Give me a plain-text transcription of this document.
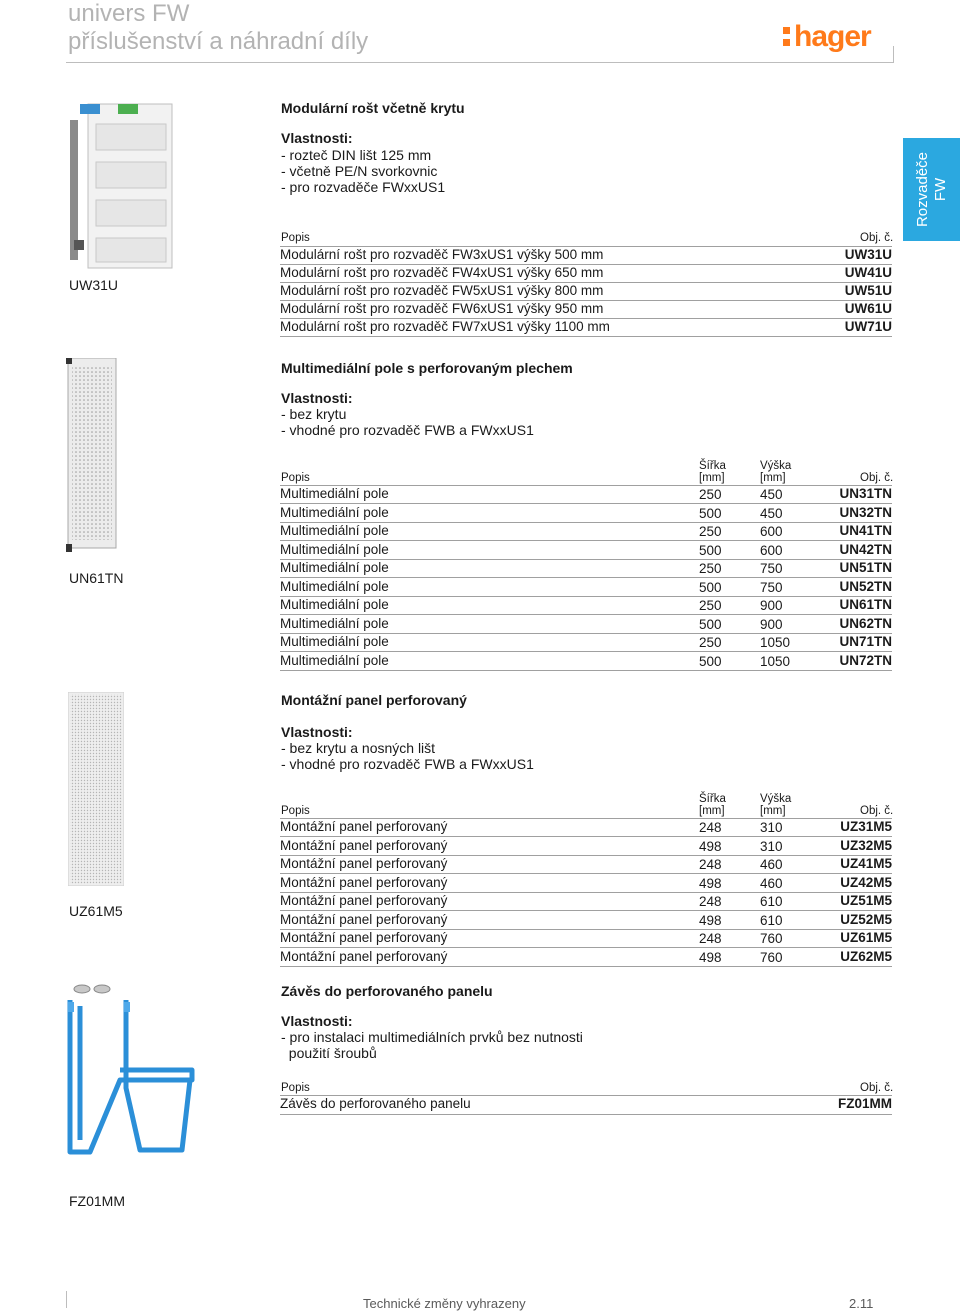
univers FW
příslušenství a náhradní díly	hager
Rozvaděče FW
UW31U
Modulární rošt včetně krytu
Vlastnosti:
- rozteč DIN lišt 125 mm
- včetně PE/N svorkovnic
- pro rozvaděče FWxxUS1
Popis	Obj. č.
Modulární rošt pro rozvaděč FW3xUS1 výšky 500 mm	UW31U
Modulární rošt pro rozvaděč FW4xUS1 výšky 650 mm	UW41U
Modulární rošt pro rozvaděč FW5xUS1 výšky 800 mm	UW51U
Modulární rošt pro rozvaděč FW6xUS1 výšky 950 mm	UW61U
Modulární rošt pro rozvaděč FW7xUS1 výšky 1100 mm	UW71U
UN61TN
Multimediální pole s perforovaným plechem
Vlastnosti:
- bez krytu
- vhodné pro rozvaděč FWB a FWxxUS1
Šířka	Výška
Popis	[mm]	[mm]	Obj. č.
Multimediální pole	250	450	UN31TN
Multimediální pole	500	450	UN32TN
Multimediální pole	250	600	UN41TN
Multimediální pole	500	600	UN42TN
Multimediální pole	250	750	UN51TN
Multimediální pole	500	750	UN52TN
Multimediální pole	250	900	UN61TN
Multimediální pole	500	900	UN62TN
Multimediální pole	250	1050	UN71TN
Multimediální pole	500	1050	UN72TN
UZ61M5
Montážní panel perforovaný
Vlastnosti:
- bez krytu a nosných lišt
- vhodné pro rozvaděč FWB a FWxxUS1
Šířka	Výška
Popis	[mm]	[mm]	Obj. č.
Montážní panel perforovaný	248	310	UZ31M5
Montážní panel perforovaný	498	310	UZ32M5
Montážní panel perforovaný	248	460	UZ41M5
Montážní panel perforovaný	498	460	UZ42M5
Montážní panel perforovaný	248	610	UZ51M5
Montážní panel perforovaný	498	610	UZ52M5
Montážní panel perforovaný	248	760	UZ61M5
Montážní panel perforovaný	498	760	UZ62M5
FZ01MM
Závěs do perforovaného panelu
Vlastnosti:
- pro instalaci multimediálních prvků bez nutnosti
použití šroubů
Popis	Obj. č.
Závěs do perforovaného panelu	FZ01MM
Technické změny vyhrazeny	2.11
